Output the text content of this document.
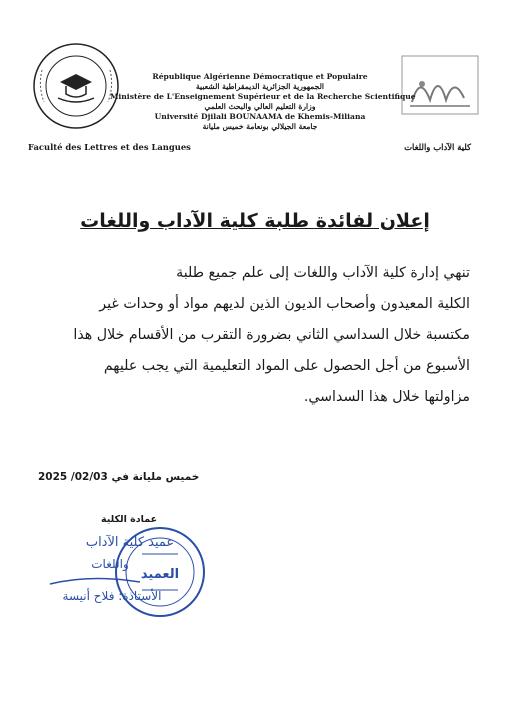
République Algérienne Démocratique et Populaire
الجمهورية الجزائرية الديمقراطية الشعبية
Ministère de L'Enseignement Supérieur et de la Recherche Scientifique
وزارة التعليم العالي والبحث العلمي
Université Djilali BOUNAAMA de Khemis-Miliana
جامعة الجيلالي بونعامة خميس مليانة
Faculté des Lettres et des Langues	كلية الآداب واللغات
إعلان لفائدة طلبة كلية الآداب واللغات
تنهي إدارة كلية الآداب واللغات إلى علم جميع طلبة
الكلية المعيدون وأصحاب الديون الذين لديهم مواد أو وحدات غير
مكتسبة خلال السداسي الثاني بضرورة التقرب من الأقسام خلال هذا
الأسبوع من أجل الحصول على المواد التعليمية التي يجب عليهم
مزاولتها خلال هذا السداسي.
خميس مليانة في 02/03/ 2025
عمادة الكلية
العميد
عميد كلية الآداب
واللغات
الأستاذة: فلاح أنيسة
